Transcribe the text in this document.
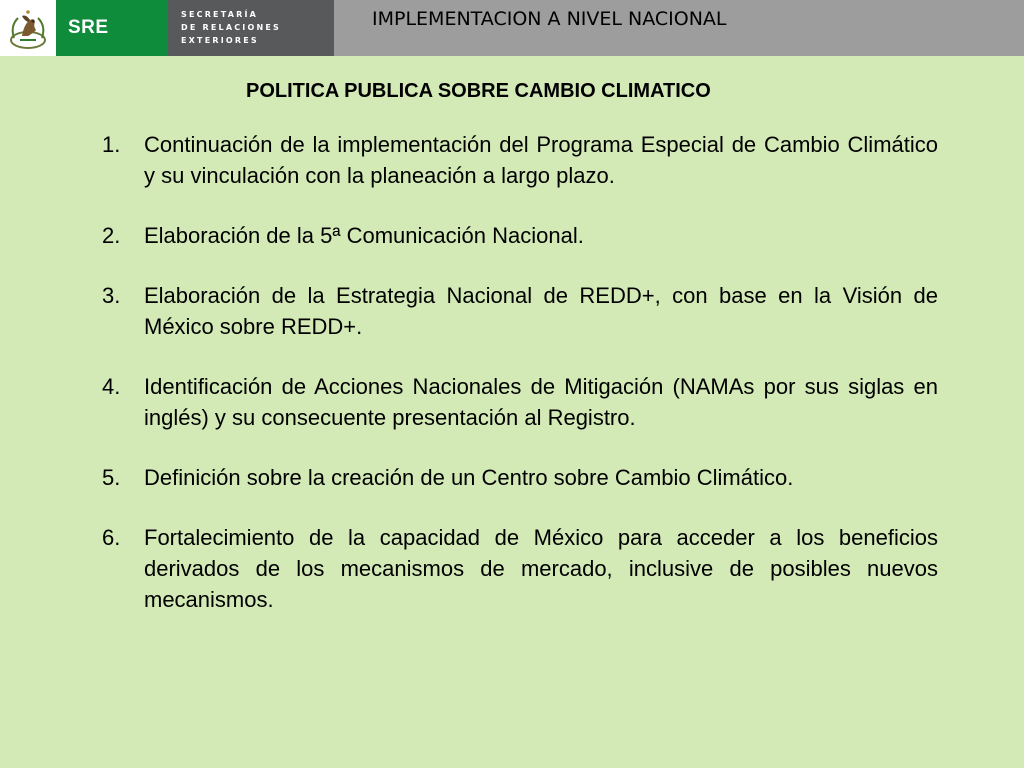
SRE
SECRETARÍA
DE RELACIONES
EXTERIORES
IMPLEMENTACION A NIVEL NACIONAL
POLITICA PUBLICA SOBRE CAMBIO CLIMATICO
1. Continuación de la implementación del Programa Especial de Cambio Climático y su vinculación con la planeación a largo plazo.
2. Elaboración de la 5ª Comunicación Nacional.
3. Elaboración de la Estrategia Nacional de REDD+, con base en la Visión de México sobre REDD+.
4. Identificación de Acciones Nacionales de Mitigación (NAMAs por sus siglas en inglés) y su consecuente presentación al Registro.
5. Definición sobre la creación de un Centro sobre Cambio Climático.
6. Fortalecimiento de la capacidad de México para acceder a los beneficios derivados de los mecanismos de mercado, inclusive de posibles nuevos mecanismos.
